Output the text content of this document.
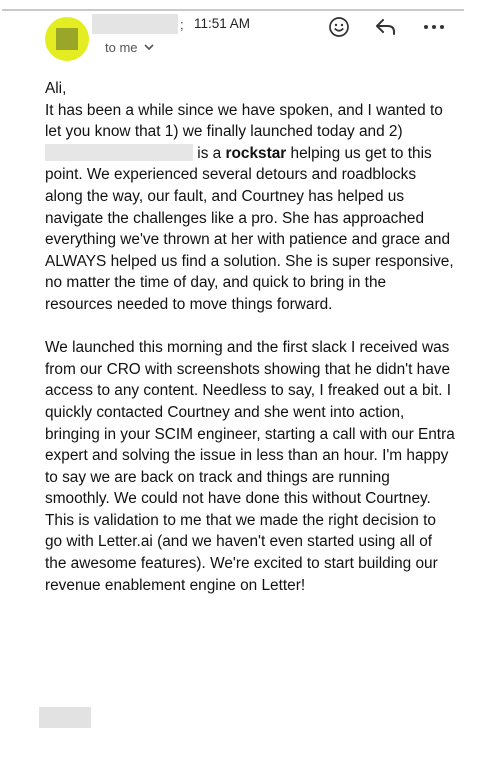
; 11:51 AM
to me

Ali,

It has been a while since we have spoken, and I wanted to let you know that 1) we finally launched today and 2)  is a rockstar helping us get to this point. We experienced several detours and roadblocks along the way, our fault, and Courtney has helped us navigate the challenges like a pro. She has approached everything we've thrown at her with patience and grace and ALWAYS helped us find a solution. She is super responsive, no matter the time of day, and quick to bring in the resources needed to move things forward.

We launched this morning and the first slack I received was from our CRO with screenshots showing that he didn't have access to any content. Needless to say, I freaked out a bit. I quickly contacted Courtney and she went into action, bringing in your SCIM engineer, starting a call with our Entra expert and solving the issue in less than an hour. I'm happy to say we are back on track and things are running smoothly. We could not have done this without Courtney. This is validation to me that we made the right decision to go with Letter.ai (and we haven't even started using all of the awesome features). We're excited to start building our revenue enablement engine on Letter!
